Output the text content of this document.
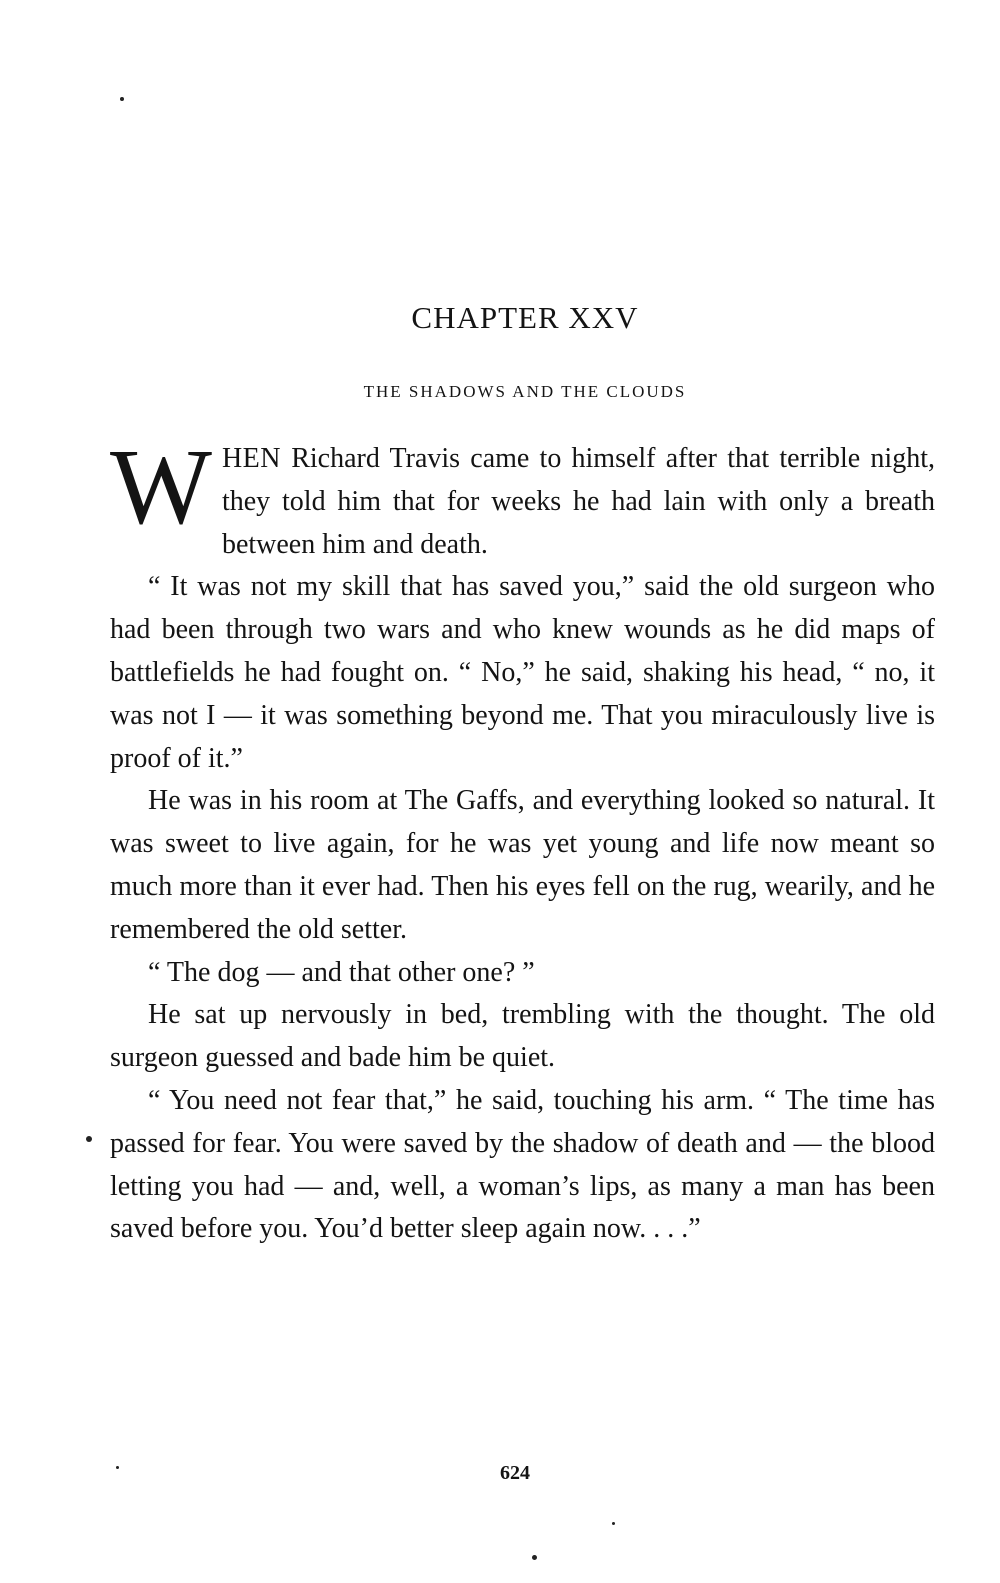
CHAPTER XXV
THE SHADOWS AND THE CLOUDS

WHEN Richard Travis came to himself after that terrible night, they told him that for weeks he had lain with only a breath between him and death.

“ It was not my skill that has saved you,” said the old surgeon who had been through two wars and who knew wounds as he did maps of battlefields he had fought on. “ No,” he said, shaking his head, “ no, it was not I — it was something beyond me. That you miraculously live is proof of it.”

He was in his room at The Gaffs, and everything looked so natural. It was sweet to live again, for he was yet young and life now meant so much more than it ever had. Then his eyes fell on the rug, wearily, and he remembered the old setter.

“ The dog — and that other one? ”

He sat up nervously in bed, trembling with the thought. The old surgeon guessed and bade him be quiet.

“ You need not fear that,” he said, touching his arm. “ The time has passed for fear. You were saved by the shadow of death and — the blood letting you had — and, well, a woman’s lips, as many a man has been saved before you. You’d better sleep again now. . . .”

624
